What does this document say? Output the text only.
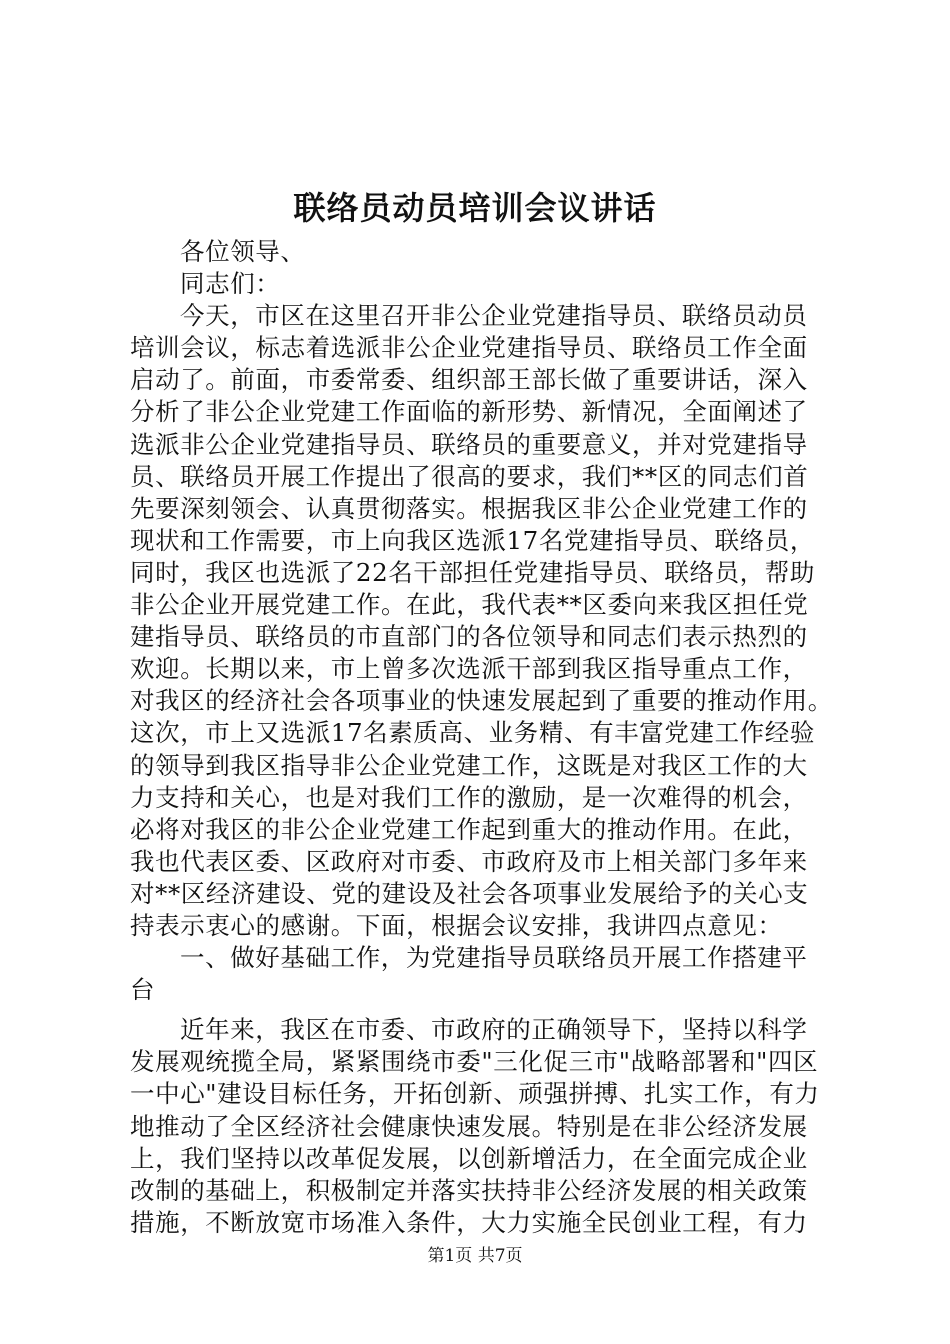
联络员动员培训会议讲话
各位领导、
同志们：
今天，市区在这里召开非公企业党建指导员、联络员动员
培训会议，标志着选派非公企业党建指导员、联络员工作全面
启动了。前面，市委常委、组织部王部长做了重要讲话，深入
分析了非公企业党建工作面临的新形势、新情况，全面阐述了
选派非公企业党建指导员、联络员的重要意义，并对党建指导
员、联络员开展工作提出了很高的要求，我们**区的同志们首
先要深刻领会、认真贯彻落实。根据我区非公企业党建工作的
现状和工作需要，市上向我区选派17名党建指导员、联络员，
同时，我区也选派了22名干部担任党建指导员、联络员，帮助
非公企业开展党建工作。在此，我代表**区委向来我区担任党
建指导员、联络员的市直部门的各位领导和同志们表示热烈的
欢迎。长期以来，市上曾多次选派干部到我区指导重点工作，
对我区的经济社会各项事业的快速发展起到了重要的推动作用。
这次，市上又选派17名素质高、业务精、有丰富党建工作经验
的领导到我区指导非公企业党建工作，这既是对我区工作的大
力支持和关心，也是对我们工作的激励，是一次难得的机会，
必将对我区的非公企业党建工作起到重大的推动作用。在此，
我也代表区委、区政府对市委、市政府及市上相关部门多年来
对**区经济建设、党的建设及社会各项事业发展给予的关心支
持表示衷心的感谢。下面，根据会议安排，我讲四点意见：
一、做好基础工作，为党建指导员联络员开展工作搭建平
台
近年来，我区在市委、市政府的正确领导下，坚持以科学
发展观统揽全局，紧紧围绕市委"三化促三市"战略部署和"四区
一中心"建设目标任务，开拓创新、顽强拼搏、扎实工作，有力
地推动了全区经济社会健康快速发展。特别是在非公经济发展
上，我们坚持以改革促发展，以创新增活力，在全面完成企业
改制的基础上，积极制定并落实扶持非公经济发展的相关政策
措施，不断放宽市场准入条件，大力实施全民创业工程，有力
第1页 共7页
